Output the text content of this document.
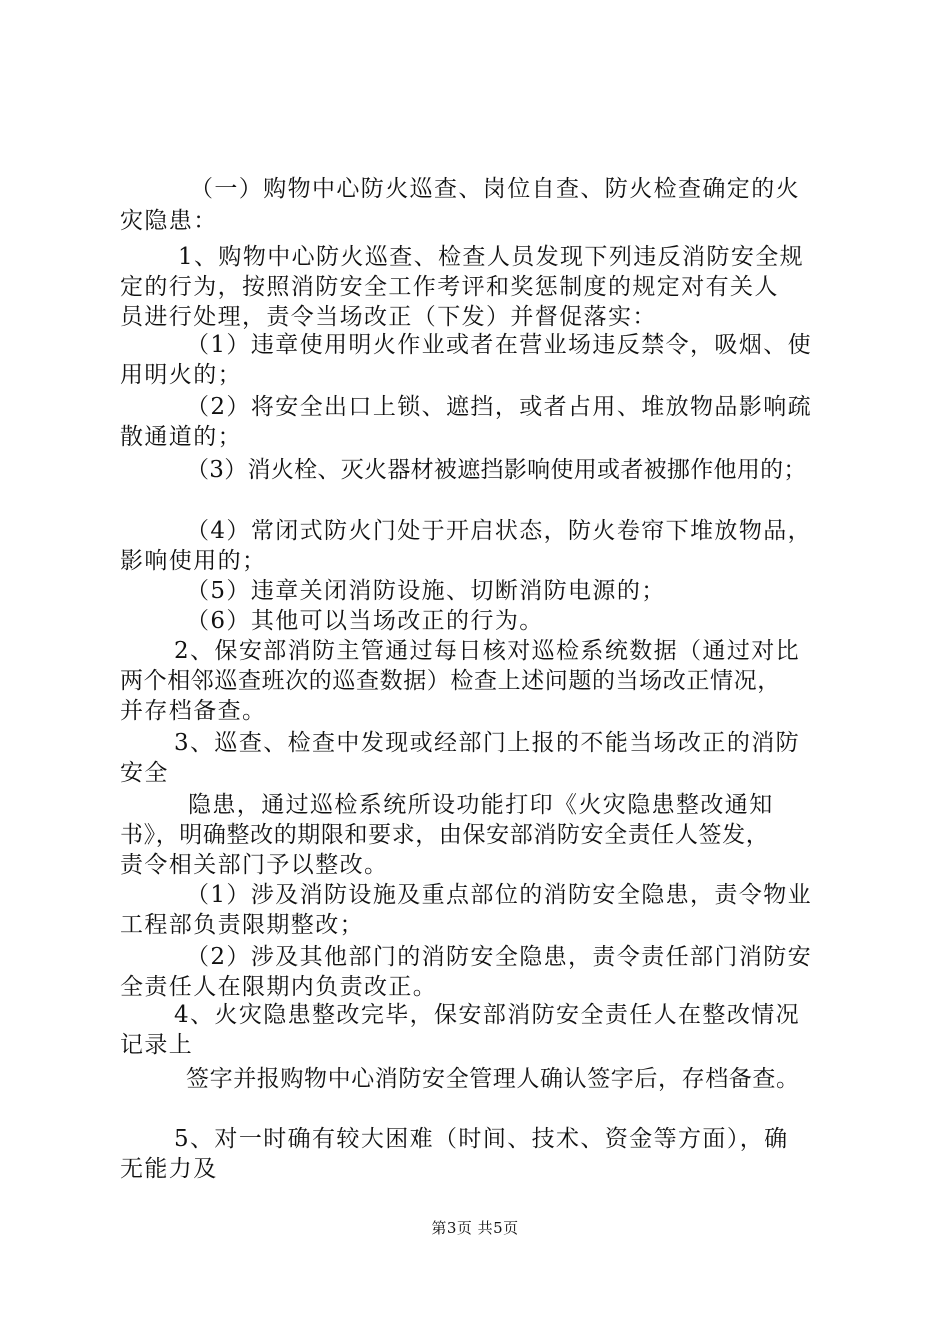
（一）购物中心防火巡查、岗位自查、防火检查确定的火
灾隐患：
1、购物中心防火巡查、检查人员发现下列违反消防安全规
定的行为，按照消防安全工作考评和奖惩制度的规定对有关人
员进行处理，责令当场改正（下发）并督促落实：
（1）违章使用明火作业或者在营业场违反禁令，吸烟、使
用明火的；
（2）将安全出口上锁、遮挡，或者占用、堆放物品影响疏
散通道的；
（3）消火栓、灭火器材被遮挡影响使用或者被挪作他用的；
（4）常闭式防火门处于开启状态，防火卷帘下堆放物品，
影响使用的；
（5）违章关闭消防设施、切断消防电源的；
（6）其他可以当场改正的行为。
2、保安部消防主管通过每日核对巡检系统数据（通过对比
两个相邻巡查班次的巡查数据）检查上述问题的当场改正情况，
并存档备查。
3、巡查、检查中发现或经部门上报的不能当场改正的消防
安全
隐患，通过巡检系统所设功能打印《火灾隐患整改通知
书》，明确整改的期限和要求，由保安部消防安全责任人签发，
责令相关部门予以整改。
（1）涉及消防设施及重点部位的消防安全隐患，责令物业
工程部负责限期整改；
（2）涉及其他部门的消防安全隐患，责令责任部门消防安
全责任人在限期内负责改正。
4、火灾隐患整改完毕，保安部消防安全责任人在整改情况
记录上
签字并报购物中心消防安全管理人确认签字后，存档备查。
5、对一时确有较大困难（时间、技术、资金等方面），确
无能力及
第3页 共5页
